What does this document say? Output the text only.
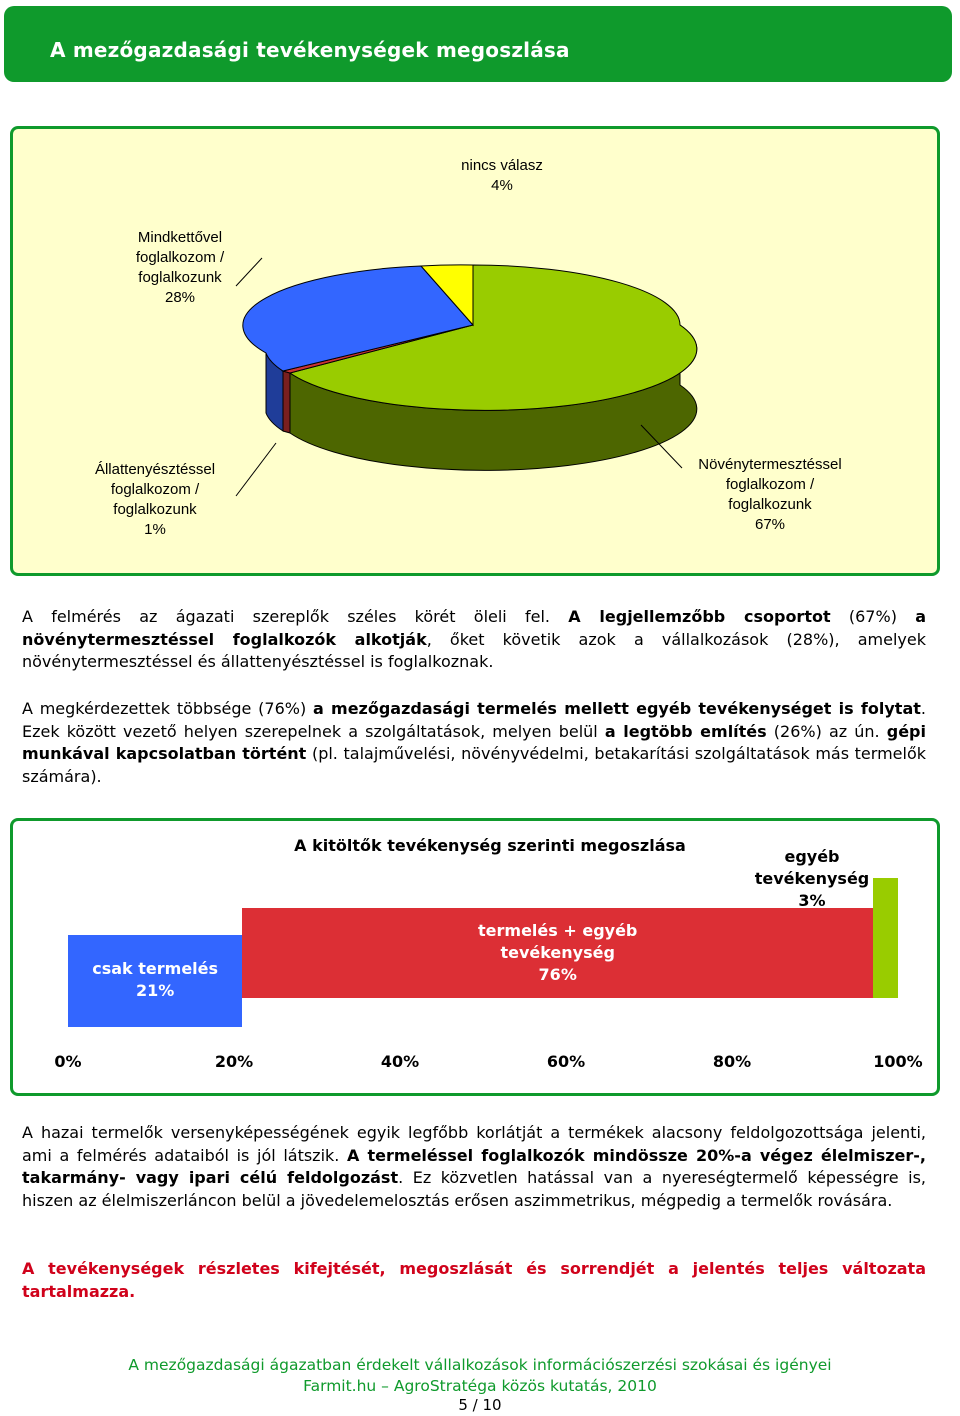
A mezőgazdasági tevékenységek megoszlása
nincs válasz
4%
Mindkettővel
foglalkozom /
foglalkozunk
28%
Állattenyésztéssel
foglalkozom /
foglalkozunk
1%
Növénytermesztéssel
foglalkozom /
foglalkozunk
67%
A felmérés az ágazati szereplők széles körét öleli fel. A legjellemzőbb csoportot (67%) a növénytermesztéssel foglalkozók alkotják, őket követik azok a vállalkozások (28%), amelyek növénytermesztéssel és állattenyésztéssel is foglalkoznak.
A megkérdezettek többsége (76%) a mezőgazdasági termelés mellett egyéb tevékenységet is folytat. Ezek között vezető helyen szerepelnek a szolgáltatások, melyen belül a legtöbb említés (26%) az ún. gépi munkával kapcsolatban történt (pl. talajművelési, növényvédelmi, betakarítási szolgáltatások más termelők számára).
A kitöltők tevékenység szerinti megoszlása
csak termelés
21%
termelés + egyéb
tevékenység
76%
egyéb
tevékenység
3%
0%	20%	40%	60%	80%	100%
A hazai termelők versenyképességének egyik legfőbb korlátját a termékek alacsony feldolgozottsága jelenti, ami a felmérés adataiból is jól látszik. A termeléssel foglalkozók mindössze 20%-a végez élelmiszer-, takarmány- vagy ipari célú feldolgozást. Ez közvetlen hatással van a nyereségtermelő képességre is, hiszen az élelmiszerláncon belül a jövedelemelosztás erősen aszimmetrikus, mégpedig a termelők rovására.
A tevékenységek részletes kifejtését, megoszlását és sorrendjét a jelentés teljes változata tartalmazza.
A mezőgazdasági ágazatban érdekelt vállalkozások információszerzési szokásai és igényei
Farmit.hu – AgroStratéga közös kutatás, 2010
5 / 10
